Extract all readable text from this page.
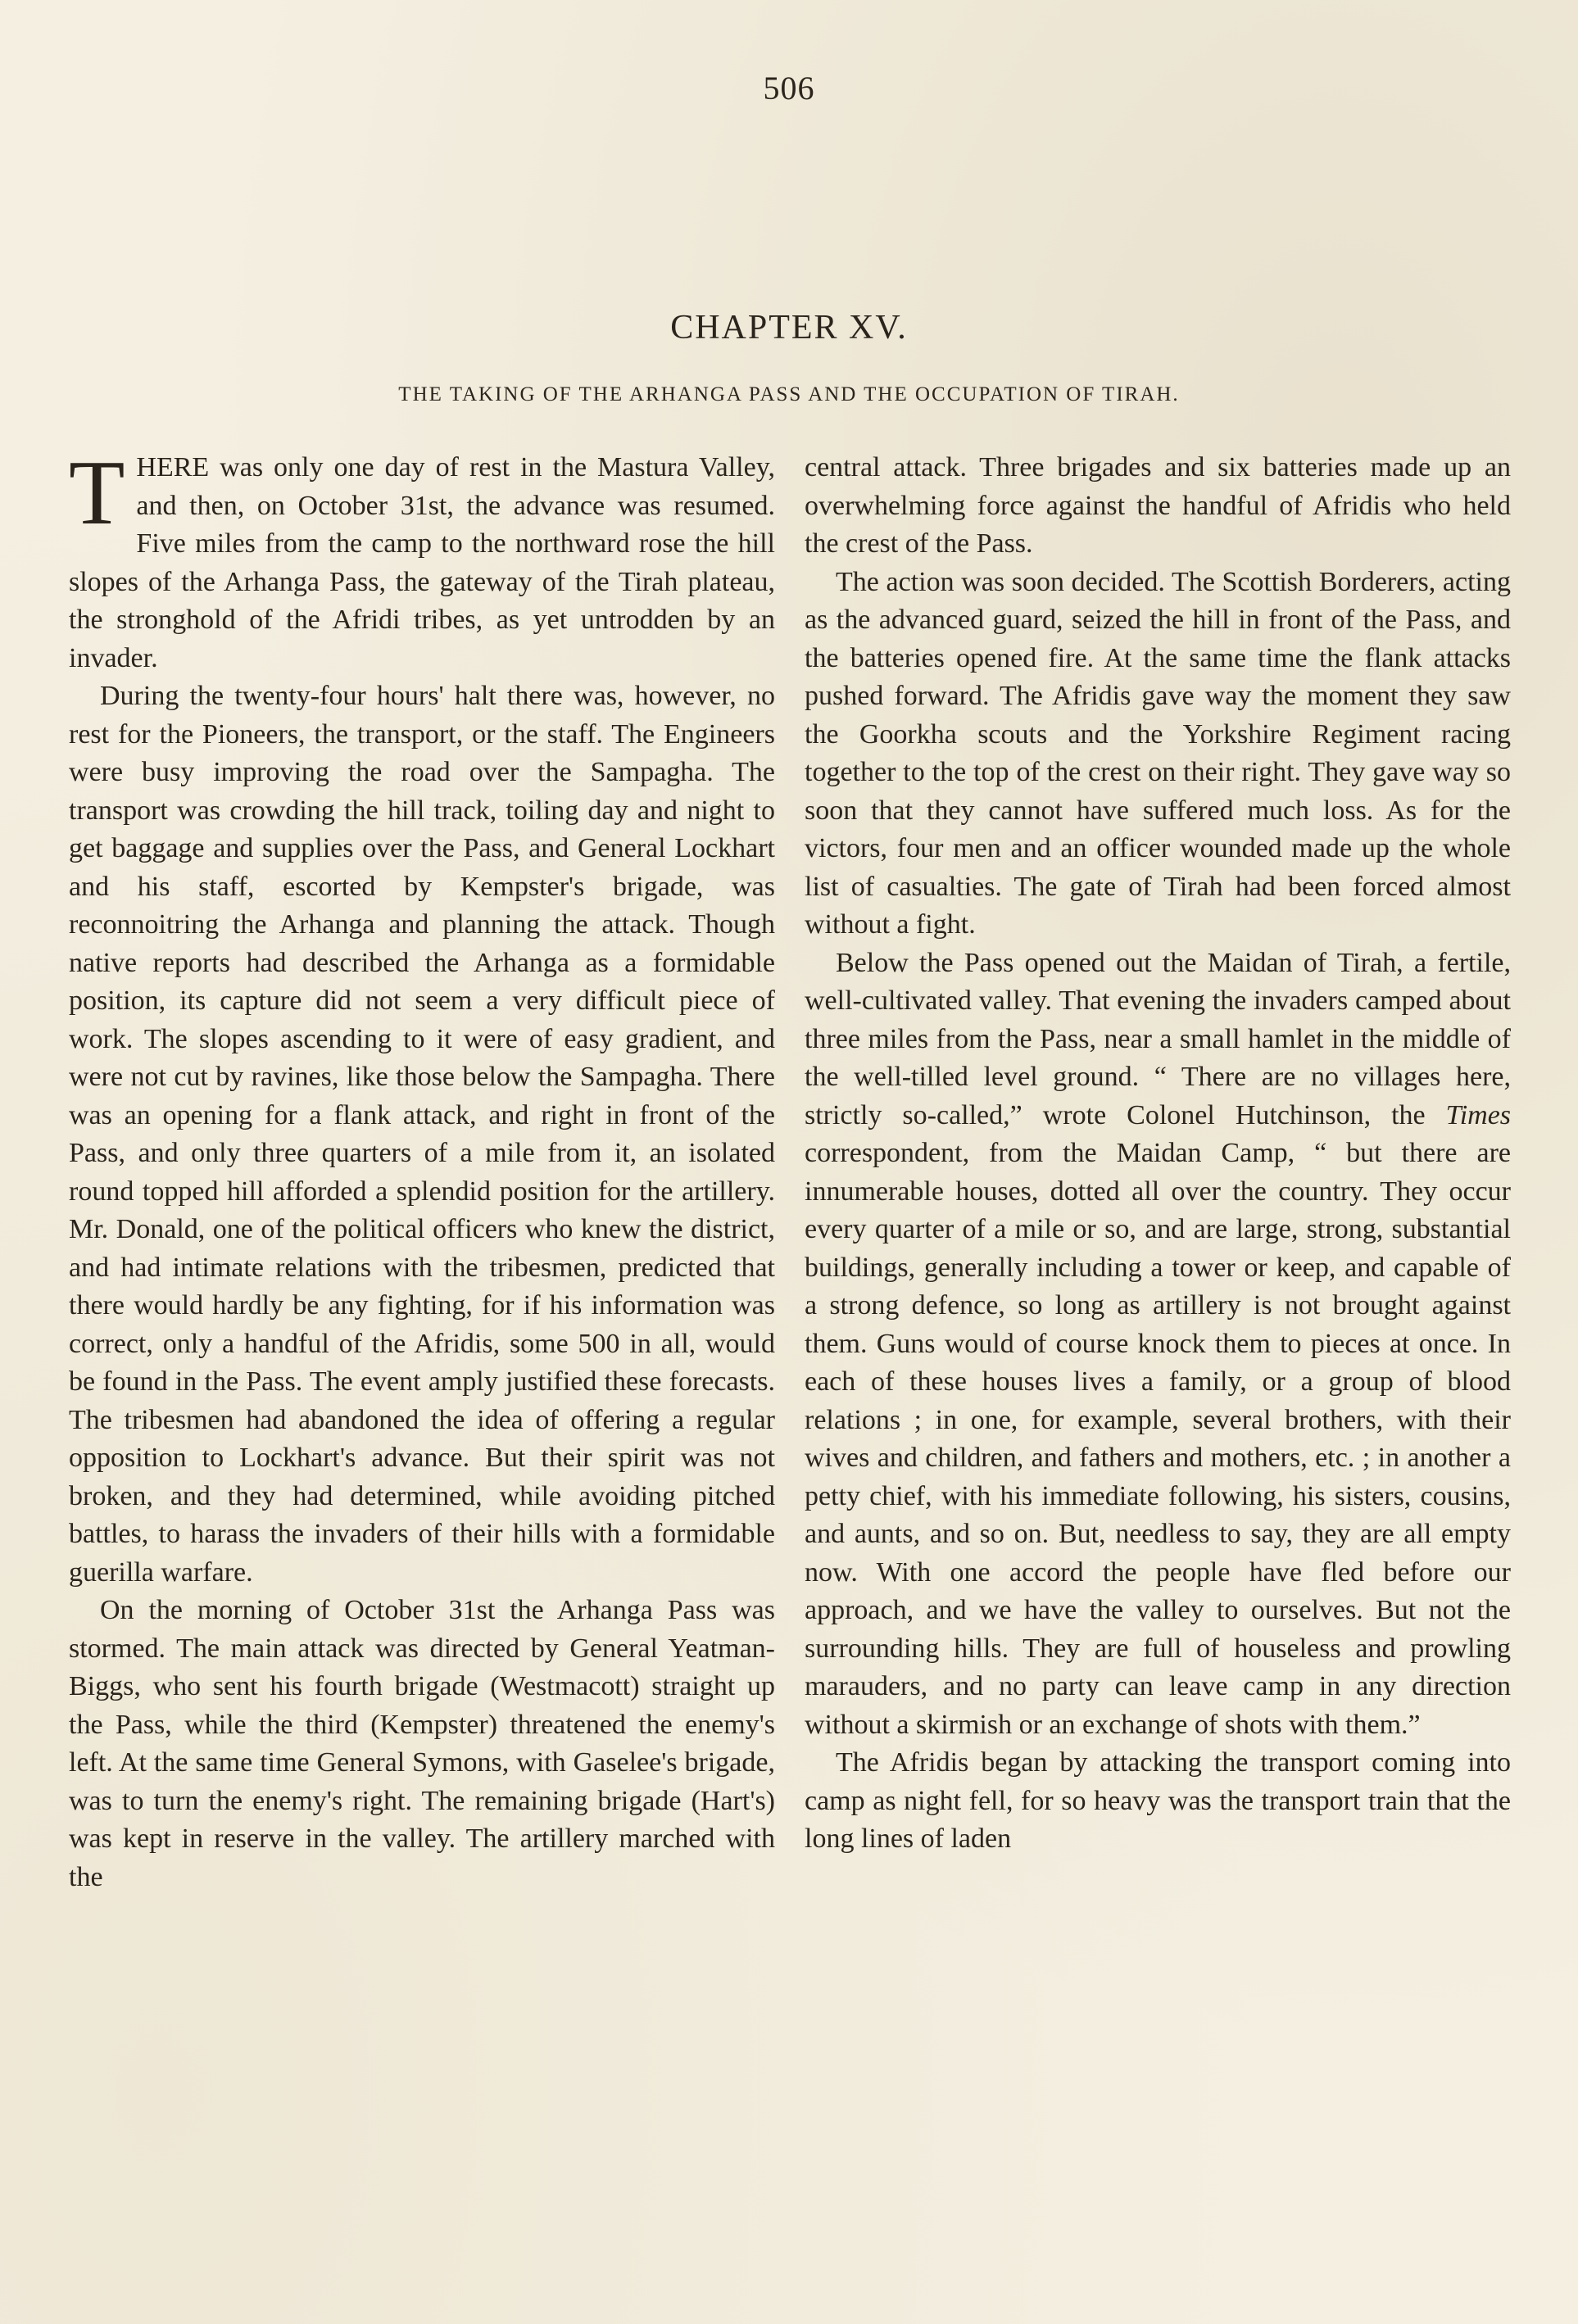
506
CHAPTER XV.
THE TAKING OF THE ARHANGA PASS AND THE OCCUPATION OF TIRAH.

THERE was only one day of rest in the Mastura Valley, and then, on October 31st, the advance was resumed. Five miles from the camp to the northward rose the hill slopes of the Arhanga Pass, the gateway of the Tirah plateau, the stronghold of the Afridi tribes, as yet untrodden by an invader.

During the twenty-four hours' halt there was, however, no rest for the Pioneers, the transport, or the staff. The Engineers were busy improving the road over the Sampagha. The transport was crowding the hill track, toiling day and night to get baggage and supplies over the Pass, and General Lockhart and his staff, escorted by Kempster's brigade, was reconnoitring the Arhanga and planning the attack. Though native reports had described the Arhanga as a formidable position, its capture did not seem a very difficult piece of work. The slopes ascending to it were of easy gradient, and were not cut by ravines, like those below the Sampagha. There was an opening for a flank attack, and right in front of the Pass, and only three quarters of a mile from it, an isolated round topped hill afforded a splendid position for the artillery. Mr. Donald, one of the political officers who knew the district, and had intimate relations with the tribesmen, predicted that there would hardly be any fighting, for if his information was correct, only a handful of the Afridis, some 500 in all, would be found in the Pass. The event amply justified these forecasts. The tribesmen had abandoned the idea of offering a regular opposition to Lockhart's advance. But their spirit was not broken, and they had determined, while avoiding pitched battles, to harass the invaders of their hills with a formidable guerilla warfare.

On the morning of October 31st the Arhanga Pass was stormed. The main attack was directed by General Yeatman-Biggs, who sent his fourth brigade (Westmacott) straight up the Pass, while the third (Kempster) threatened the enemy's left. At the same time General Symons, with Gaselee's brigade, was to turn the enemy's right. The remaining brigade (Hart's) was kept in reserve in the valley. The artillery marched with the

central attack. Three brigades and six batteries made up an overwhelming force against the handful of Afridis who held the crest of the Pass.

The action was soon decided. The Scottish Borderers, acting as the advanced guard, seized the hill in front of the Pass, and the batteries opened fire. At the same time the flank attacks pushed forward. The Afridis gave way the moment they saw the Goorkha scouts and the Yorkshire Regiment racing together to the top of the crest on their right. They gave way so soon that they cannot have suffered much loss. As for the victors, four men and an officer wounded made up the whole list of casualties. The gate of Tirah had been forced almost without a fight.

Below the Pass opened out the Maidan of Tirah, a fertile, well-cultivated valley. That evening the invaders camped about three miles from the Pass, near a small hamlet in the middle of the well-tilled level ground. “ There are no villages here, strictly so-called,” wrote Colonel Hutchinson, the Times correspondent, from the Maidan Camp, “ but there are innumerable houses, dotted all over the country. They occur every quarter of a mile or so, and are large, strong, substantial buildings, generally including a tower or keep, and capable of a strong defence, so long as artillery is not brought against them. Guns would of course knock them to pieces at once. In each of these houses lives a family, or a group of blood relations ; in one, for example, several brothers, with their wives and children, and fathers and mothers, etc. ; in another a petty chief, with his immediate following, his sisters, cousins, and aunts, and so on. But, needless to say, they are all empty now. With one accord the people have fled before our approach, and we have the valley to ourselves. But not the surrounding hills. They are full of houseless and prowling marauders, and no party can leave camp in any direction without a skirmish or an exchange of shots with them.”

The Afridis began by attacking the transport coming into camp as night fell, for so heavy was the transport train that the long lines of laden
